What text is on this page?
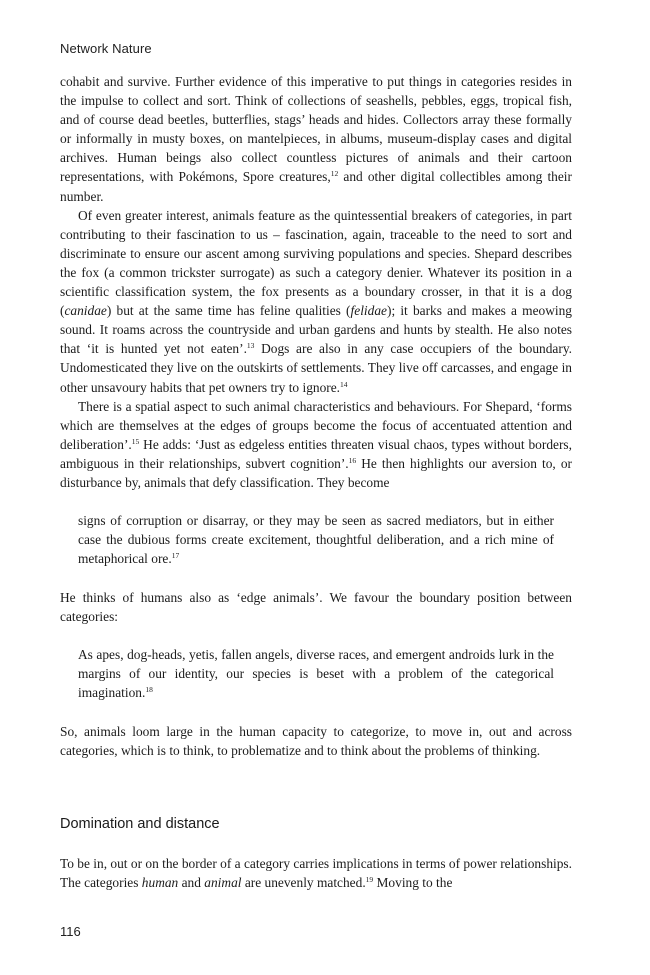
Network Nature

cohabit and survive. Further evidence of this imperative to put things in categories resides in the impulse to collect and sort. Think of collections of seashells, pebbles, eggs, tropical fish, and of course dead beetles, butterflies, stags’ heads and hides. Collectors array these formally or informally in musty boxes, on mantelpieces, in albums, museum-display cases and digital archives. Human beings also collect countless pictures of animals and their cartoon representations, with Pokémons, Spore creatures,$^{12}$ and other digital collectibles among their number.

Of even greater interest, animals feature as the quintessential breakers of categories, in part contributing to their fascination to us – fascination, again, traceable to the need to sort and discriminate to ensure our ascent among surviving populations and species. Shepard describes the fox (a common trickster surrogate) as such a category denier. Whatever its position in a scientific classification system, the fox presents as a boundary crosser, in that it is a dog (canidae) but at the same time has feline qualities (felidae); it barks and makes a meowing sound. It roams across the countryside and urban gardens and hunts by stealth. He also notes that ‘it is hunted yet not eaten’.$^{13}$ Dogs are also in any case occupiers of the boundary. Undomesticated they live on the outskirts of settlements. They live off carcasses, and engage in other unsavoury habits that pet owners try to ignore.$^{14}$

There is a spatial aspect to such animal characteristics and behaviours. For Shepard, ‘forms which are themselves at the edges of groups become the focus of accentuated attention and deliberation’.$^{15}$ He adds: ‘Just as edgeless entities threaten visual chaos, types without borders, ambiguous in their relationships, subvert cognition’.$^{16}$ He then highlights our aversion to, or disturbance by, animals that defy classification. They become

signs of corruption or disarray, or they may be seen as sacred mediators, but in either case the dubious forms create excitement, thoughtful deliberation, and a rich mine of metaphorical ore.$^{17}$

He thinks of humans also as ‘edge animals’. We favour the boundary position between categories:

As apes, dog-heads, yetis, fallen angels, diverse races, and emergent androids lurk in the margins of our identity, our species is beset with a problem of the categorical imagination.$^{18}$

So, animals loom large in the human capacity to categorize, to move in, out and across categories, which is to think, to problematize and to think about the problems of thinking.

Domination and distance

To be in, out or on the border of a category carries implications in terms of power relationships. The categories human and animal are unevenly matched.$^{19}$ Moving to the

116
